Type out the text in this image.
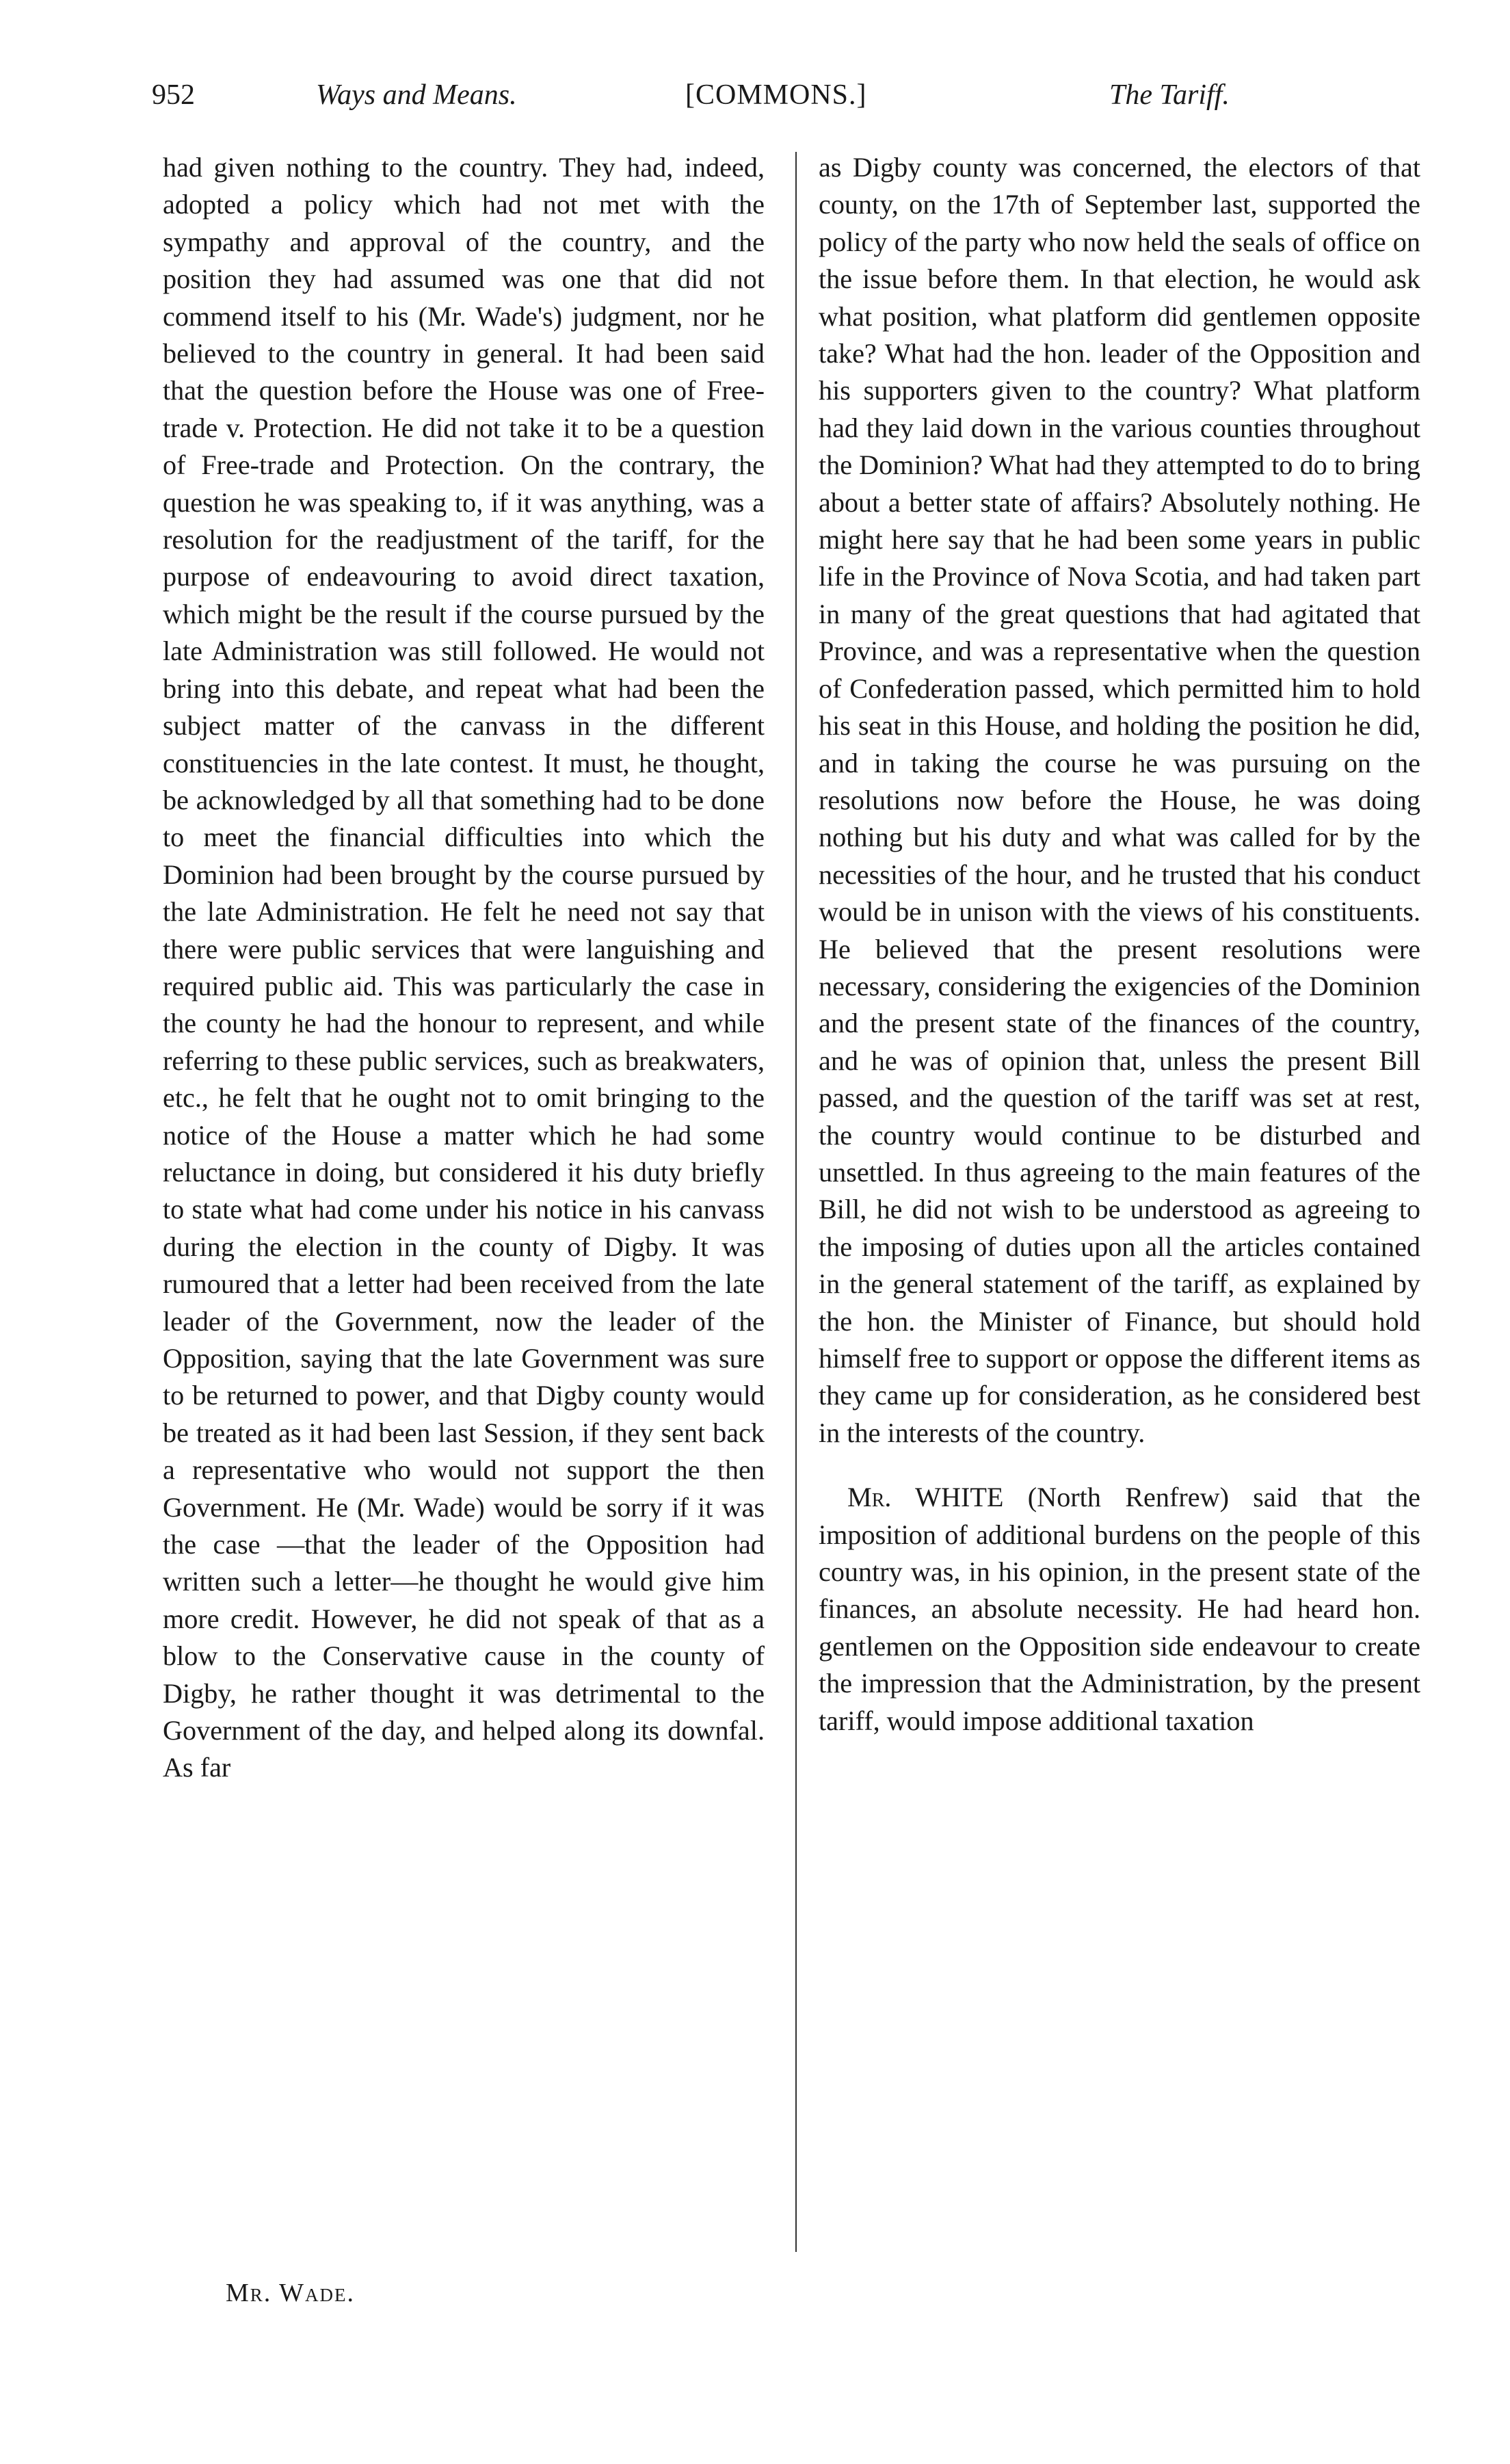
952	Ways and Means.	[COMMONS.]	The Tariff.

had given nothing to the country. They had, indeed, adopted a policy which had not met with the sympathy and approval of the country, and the position they had assumed was one that did not commend itself to his (Mr. Wade's) judgment, nor he believed to the country in general. It had been said that the question before the House was one of Free-trade v. Protection. He did not take it to be a question of Free-trade and Protection. On the contrary, the question he was speaking to, if it was anything, was a resolution for the readjustment of the tariff, for the purpose of endeavouring to avoid direct taxation, which might be the result if the course pursued by the late Administration was still followed. He would not bring into this debate, and repeat what had been the subject matter of the canvass in the different constituencies in the late contest. It must, he thought, be acknowledged by all that something had to be done to meet the financial difficulties into which the Dominion had been brought by the course pursued by the late Administration. He felt he need not say that there were public services that were languishing and required public aid. This was particularly the case in the county he had the honour to represent, and while referring to these public services, such as breakwaters, etc., he felt that he ought not to omit bringing to the notice of the House a matter which he had some reluctance in doing, but considered it his duty briefly to state what had come under his notice in his canvass during the election in the county of Digby. It was rumoured that a letter had been received from the late leader of the Government, now the leader of the Opposition, saying that the late Government was sure to be returned to power, and that Digby county would be treated as it had been last Session, if they sent back a representative who would not support the then Government. He (Mr. Wade) would be sorry if it was the case —that the leader of the Opposition had written such a letter—he thought he would give him more credit. However, he did not speak of that as a blow to the Conservative cause in the county of Digby, he rather thought it was detrimental to the Government of the day, and helped along its downfal. As far

as Digby county was concerned, the electors of that county, on the 17th of September last, supported the policy of the party who now held the seals of office on the issue before them. In that election, he would ask what position, what platform did gentlemen opposite take? What had the hon. leader of the Opposition and his supporters given to the country? What platform had they laid down in the various counties throughout the Dominion? What had they attempted to do to bring about a better state of affairs? Absolutely nothing. He might here say that he had been some years in public life in the Province of Nova Scotia, and had taken part in many of the great questions that had agitated that Province, and was a representative when the question of Confederation passed, which permitted him to hold his seat in this House, and holding the position he did, and in taking the course he was pursuing on the resolutions now before the House, he was doing nothing but his duty and what was called for by the necessities of the hour, and he trusted that his conduct would be in unison with the views of his constituents. He believed that the present resolutions were necessary, considering the exigencies of the Dominion and the present state of the finances of the country, and he was of opinion that, unless the present Bill passed, and the question of the tariff was set at rest, the country would continue to be disturbed and unsettled. In thus agreeing to the main features of the Bill, he did not wish to be understood as agreeing to the imposing of duties upon all the articles contained in the general statement of the tariff, as explained by the hon. the Minister of Finance, but should hold himself free to support or oppose the different items as they came up for consideration, as he considered best in the interests of the country.

Mr. WHITE (North Renfrew) said that the imposition of additional burdens on the people of this country was, in his opinion, in the present state of the finances, an absolute necessity. He had heard hon. gentlemen on the Opposition side endeavour to create the impression that the Administration, by the present tariff, would impose additional taxation

Mr. Wade.
